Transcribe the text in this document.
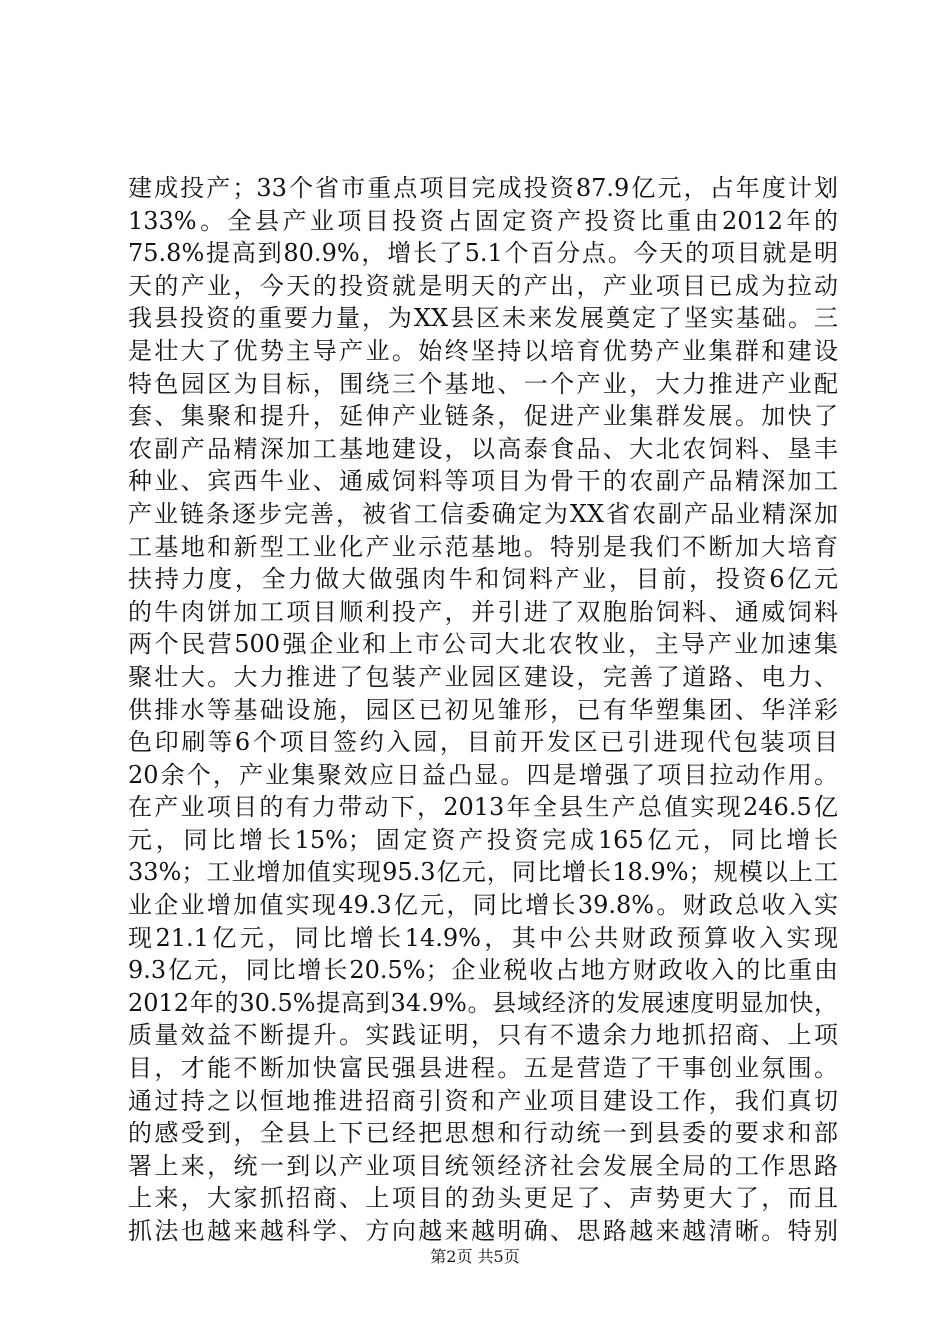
建成投产；33个省市重点项目完成投资87.9亿元，占年度计划
133%。全县产业项目投资占固定资产投资比重由2012年的
75.8%提高到80.9%，增长了5.1个百分点。今天的项目就是明
天的产业，今天的投资就是明天的产出，产业项目已成为拉动
我县投资的重要力量，为XX县区未来发展奠定了坚实基础。三
是壮大了优势主导产业。始终坚持以培育优势产业集群和建设
特色园区为目标，围绕三个基地、一个产业，大力推进产业配
套、集聚和提升，延伸产业链条，促进产业集群发展。加快了
农副产品精深加工基地建设，以高泰食品、大北农饲料、垦丰
种业、宾西牛业、通威饲料等项目为骨干的农副产品精深加工
产业链条逐步完善，被省工信委确定为XX省农副产品业精深加
工基地和新型工业化产业示范基地。特别是我们不断加大培育
扶持力度，全力做大做强肉牛和饲料产业，目前，投资6亿元
的牛肉饼加工项目顺利投产，并引进了双胞胎饲料、通威饲料
两个民营500强企业和上市公司大北农牧业，主导产业加速集
聚壮大。大力推进了包装产业园区建设，完善了道路、电力、
供排水等基础设施，园区已初见雏形，已有华塑集团、华洋彩
色印刷等6个项目签约入园，目前开发区已引进现代包装项目
20余个，产业集聚效应日益凸显。四是增强了项目拉动作用。
在产业项目的有力带动下，2013年全县生产总值实现246.5亿
元，同比增长15%；固定资产投资完成165亿元，同比增长
33%；工业增加值实现95.3亿元，同比增长18.9%；规模以上工
业企业增加值实现49.3亿元，同比增长39.8%。财政总收入实
现21.1亿元，同比增长14.9%，其中公共财政预算收入实现
9.3亿元，同比增长20.5%；企业税收占地方财政收入的比重由
2012年的30.5%提高到34.9%。县域经济的发展速度明显加快，
质量效益不断提升。实践证明，只有不遗余力地抓招商、上项
目，才能不断加快富民强县进程。五是营造了干事创业氛围。
通过持之以恒地推进招商引资和产业项目建设工作，我们真切
的感受到，全县上下已经把思想和行动统一到县委的要求和部
署上来，统一到以产业项目统领经济社会发展全局的工作思路
上来，大家抓招商、上项目的劲头更足了、声势更大了，而且
抓法也越来越科学、方向越来越明确、思路越来越清晰。特别
第2页 共5页
